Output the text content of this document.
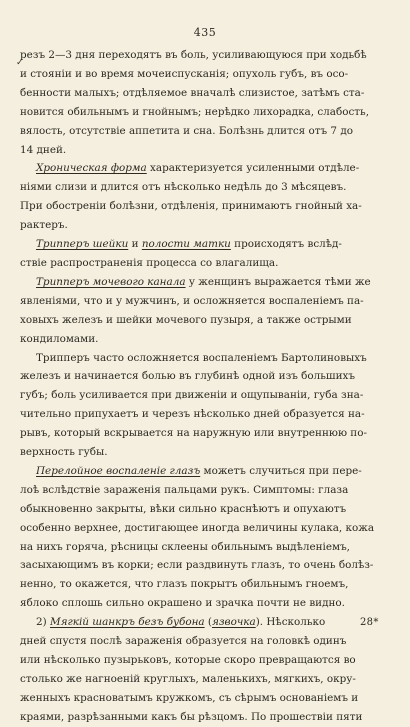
435
✓
резъ 2—3 дня переходятъ въ боль, усиливающуюся при ходьбѣ
и стояніи и во время мочеиспусканія; опухоль губъ, въ осо-
бенности малыхъ; отдѣляемое вначалѣ слизистое, затѣмъ ста-
новится обильнымъ и гнойнымъ; нерѣдко лихорадка, слабость,
вялость, отсутствіе аппетита и сна. Болѣзнь длится отъ 7 до
14 дней.
Хроническая форма характеризуется усиленными отдѣле-
ніями слизи и длится отъ нѣсколько недѣль до 3 мѣсяцевъ.
При обостреніи болѣзни, отдѣленія, принимаютъ гнойный ха-
рактеръ.
Трипперъ шейки и полости матки происходятъ вслѣд-
ствіе распространенія процесса со влагалища.
Трипперъ мочевого канала у женщинъ выражается тѣми же
явленіями, что и у мужчинъ, и осложняется воспаленіемъ па-
ховыхъ железъ и шейки мочевого пузыря, а также острыми
кондиломами.
Трипперъ часто осложняется воспаленіемъ Бартолиновыхъ
железъ и начинается болью въ глубинѣ одной изъ большихъ
губъ; боль усиливается при движеніи и ощупываніи, губа зна-
чительно припухаетъ и черезъ нѣсколько дней образуется на-
рывъ, который вскрывается на наружную или внутреннюю по-
верхность губы.
Перелойное воспаленіе глазъ можетъ случиться при пере-
лоѣ вслѣдствіе зараженія пальцами рукъ. Симптомы: глаза
обыкновенно закрыты, вѣки сильно краснѣютъ и опухаютъ
особенно верхнее, достигающее иногда величины кулака, кожа
на нихъ горяча, рѣсницы склеены обильнымъ выдѣленіемъ,
засыхающимъ въ корки; если раздвинуть глазъ, то очень болѣз-
ненно, то окажется, что глазъ покрытъ обильнымъ гноемъ,
яблоко сплошь сильно окрашено и зрачка почти не видно.
2) Мягкій шанкръ безъ бубона (язвочка). Нѣсколько
дней спустя послѣ зараженія образуется на головкѣ одинъ
или нѣсколько пузырьковъ, которые скоро превращаются во
столько же нагноеній круглыхъ, маленькихъ, мягкихъ, окру-
женныхъ красноватымъ кружкомъ, съ сѣрымъ основаніемъ и
краями, разрѣзанными какъ бы рѣзцомъ. По прошествіи пяти
28*
